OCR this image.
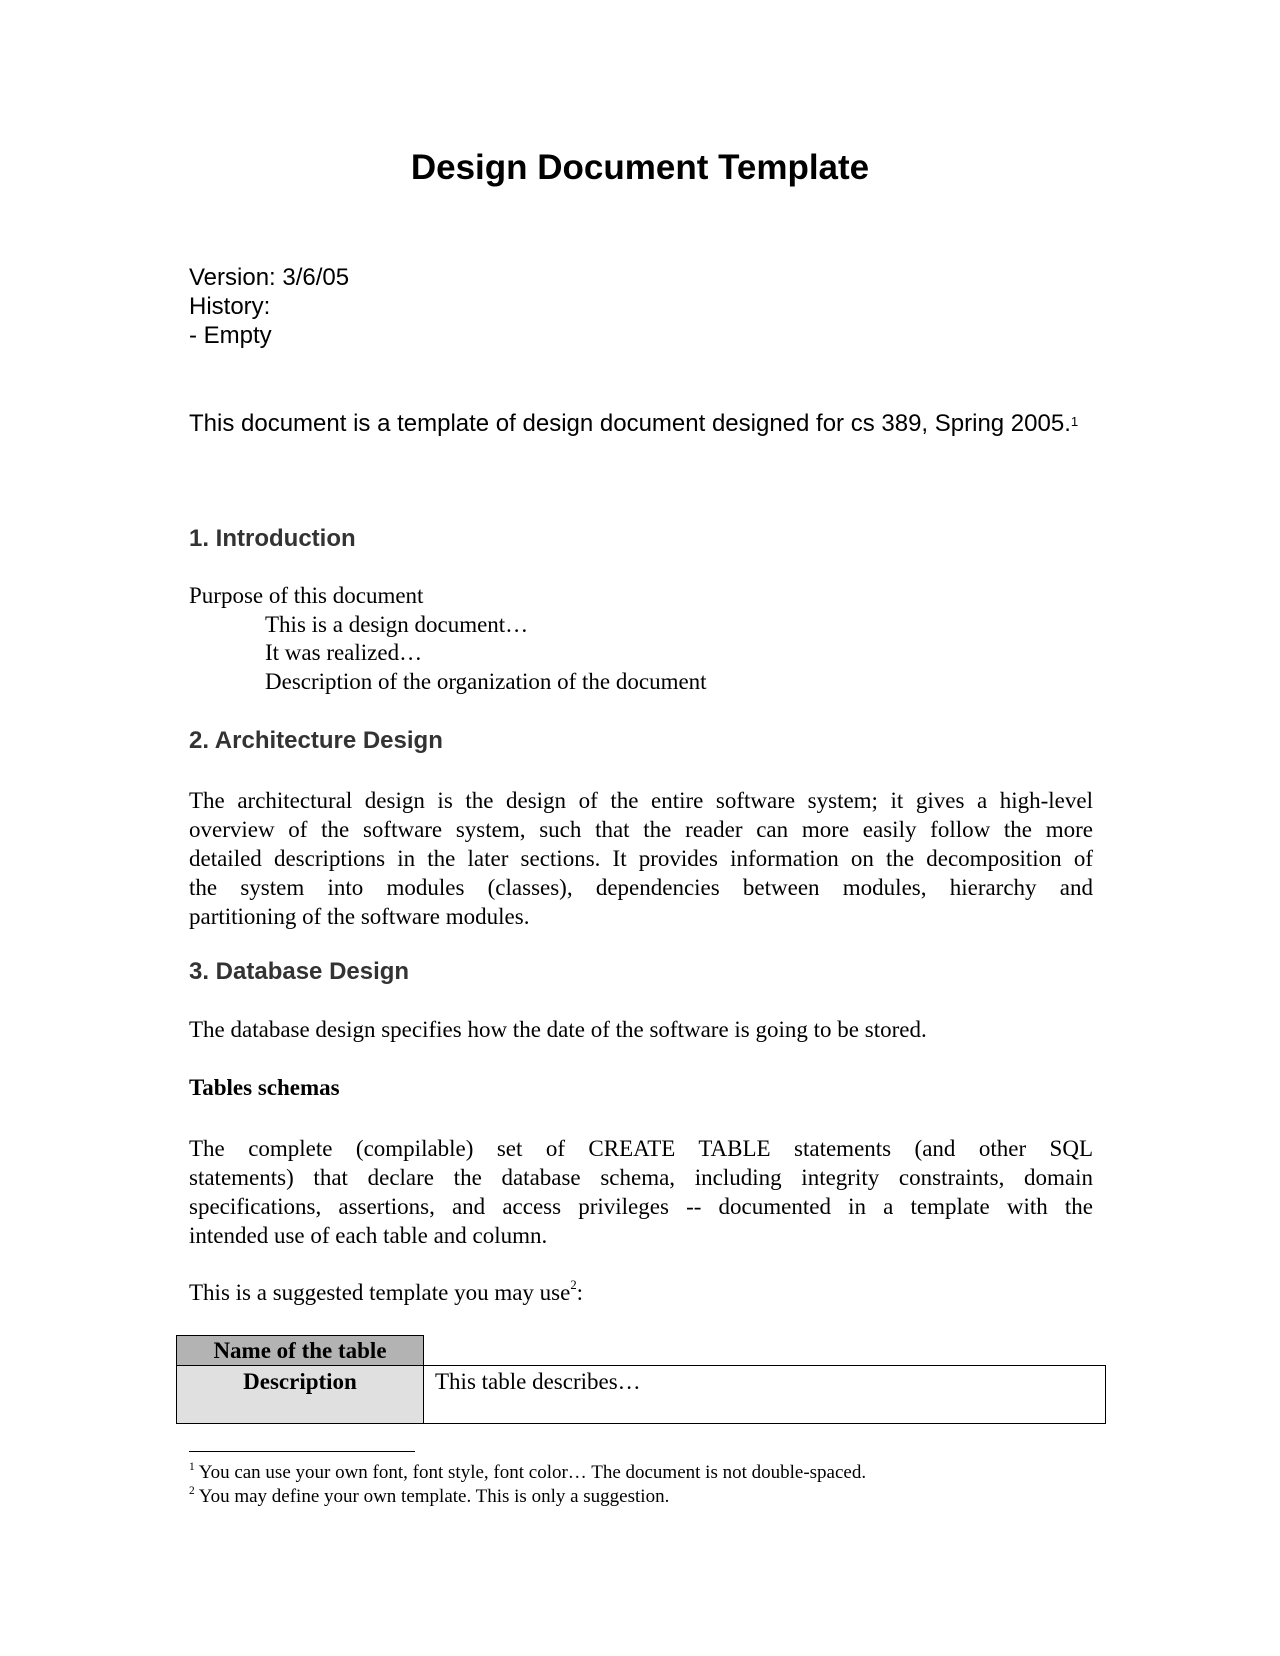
Design Document Template
Version: 3/6/05
History:
- Empty
This document is a template of design document designed for cs 389, Spring 2005.$^1$
1. Introduction
Purpose of this document
This is a design document…
It was realized…
Description of the organization of the document
2. Architecture Design
The architectural design is the design of the entire software system; it gives a high-level
overview of the software system, such that the reader can more easily follow the more
detailed descriptions in the later sections. It provides information on the decomposition of
the system into modules (classes), dependencies between modules, hierarchy and
partitioning of the software modules.
3. Database Design
The database design specifies how the date of the software is going to be stored.
Tables schemas
The complete (compilable) set of CREATE TABLE statements (and other SQL
statements) that declare the database schema, including integrity constraints, domain
specifications, assertions, and access privileges -- documented in a template with the
intended use of each table and column.
This is a suggested template you may use$^2$:
Name of the table	
Description	This table describes…
$^1$ You can use your own font, font style, font color… The document is not double-spaced.
$^2$ You may define your own template. This is only a suggestion.
